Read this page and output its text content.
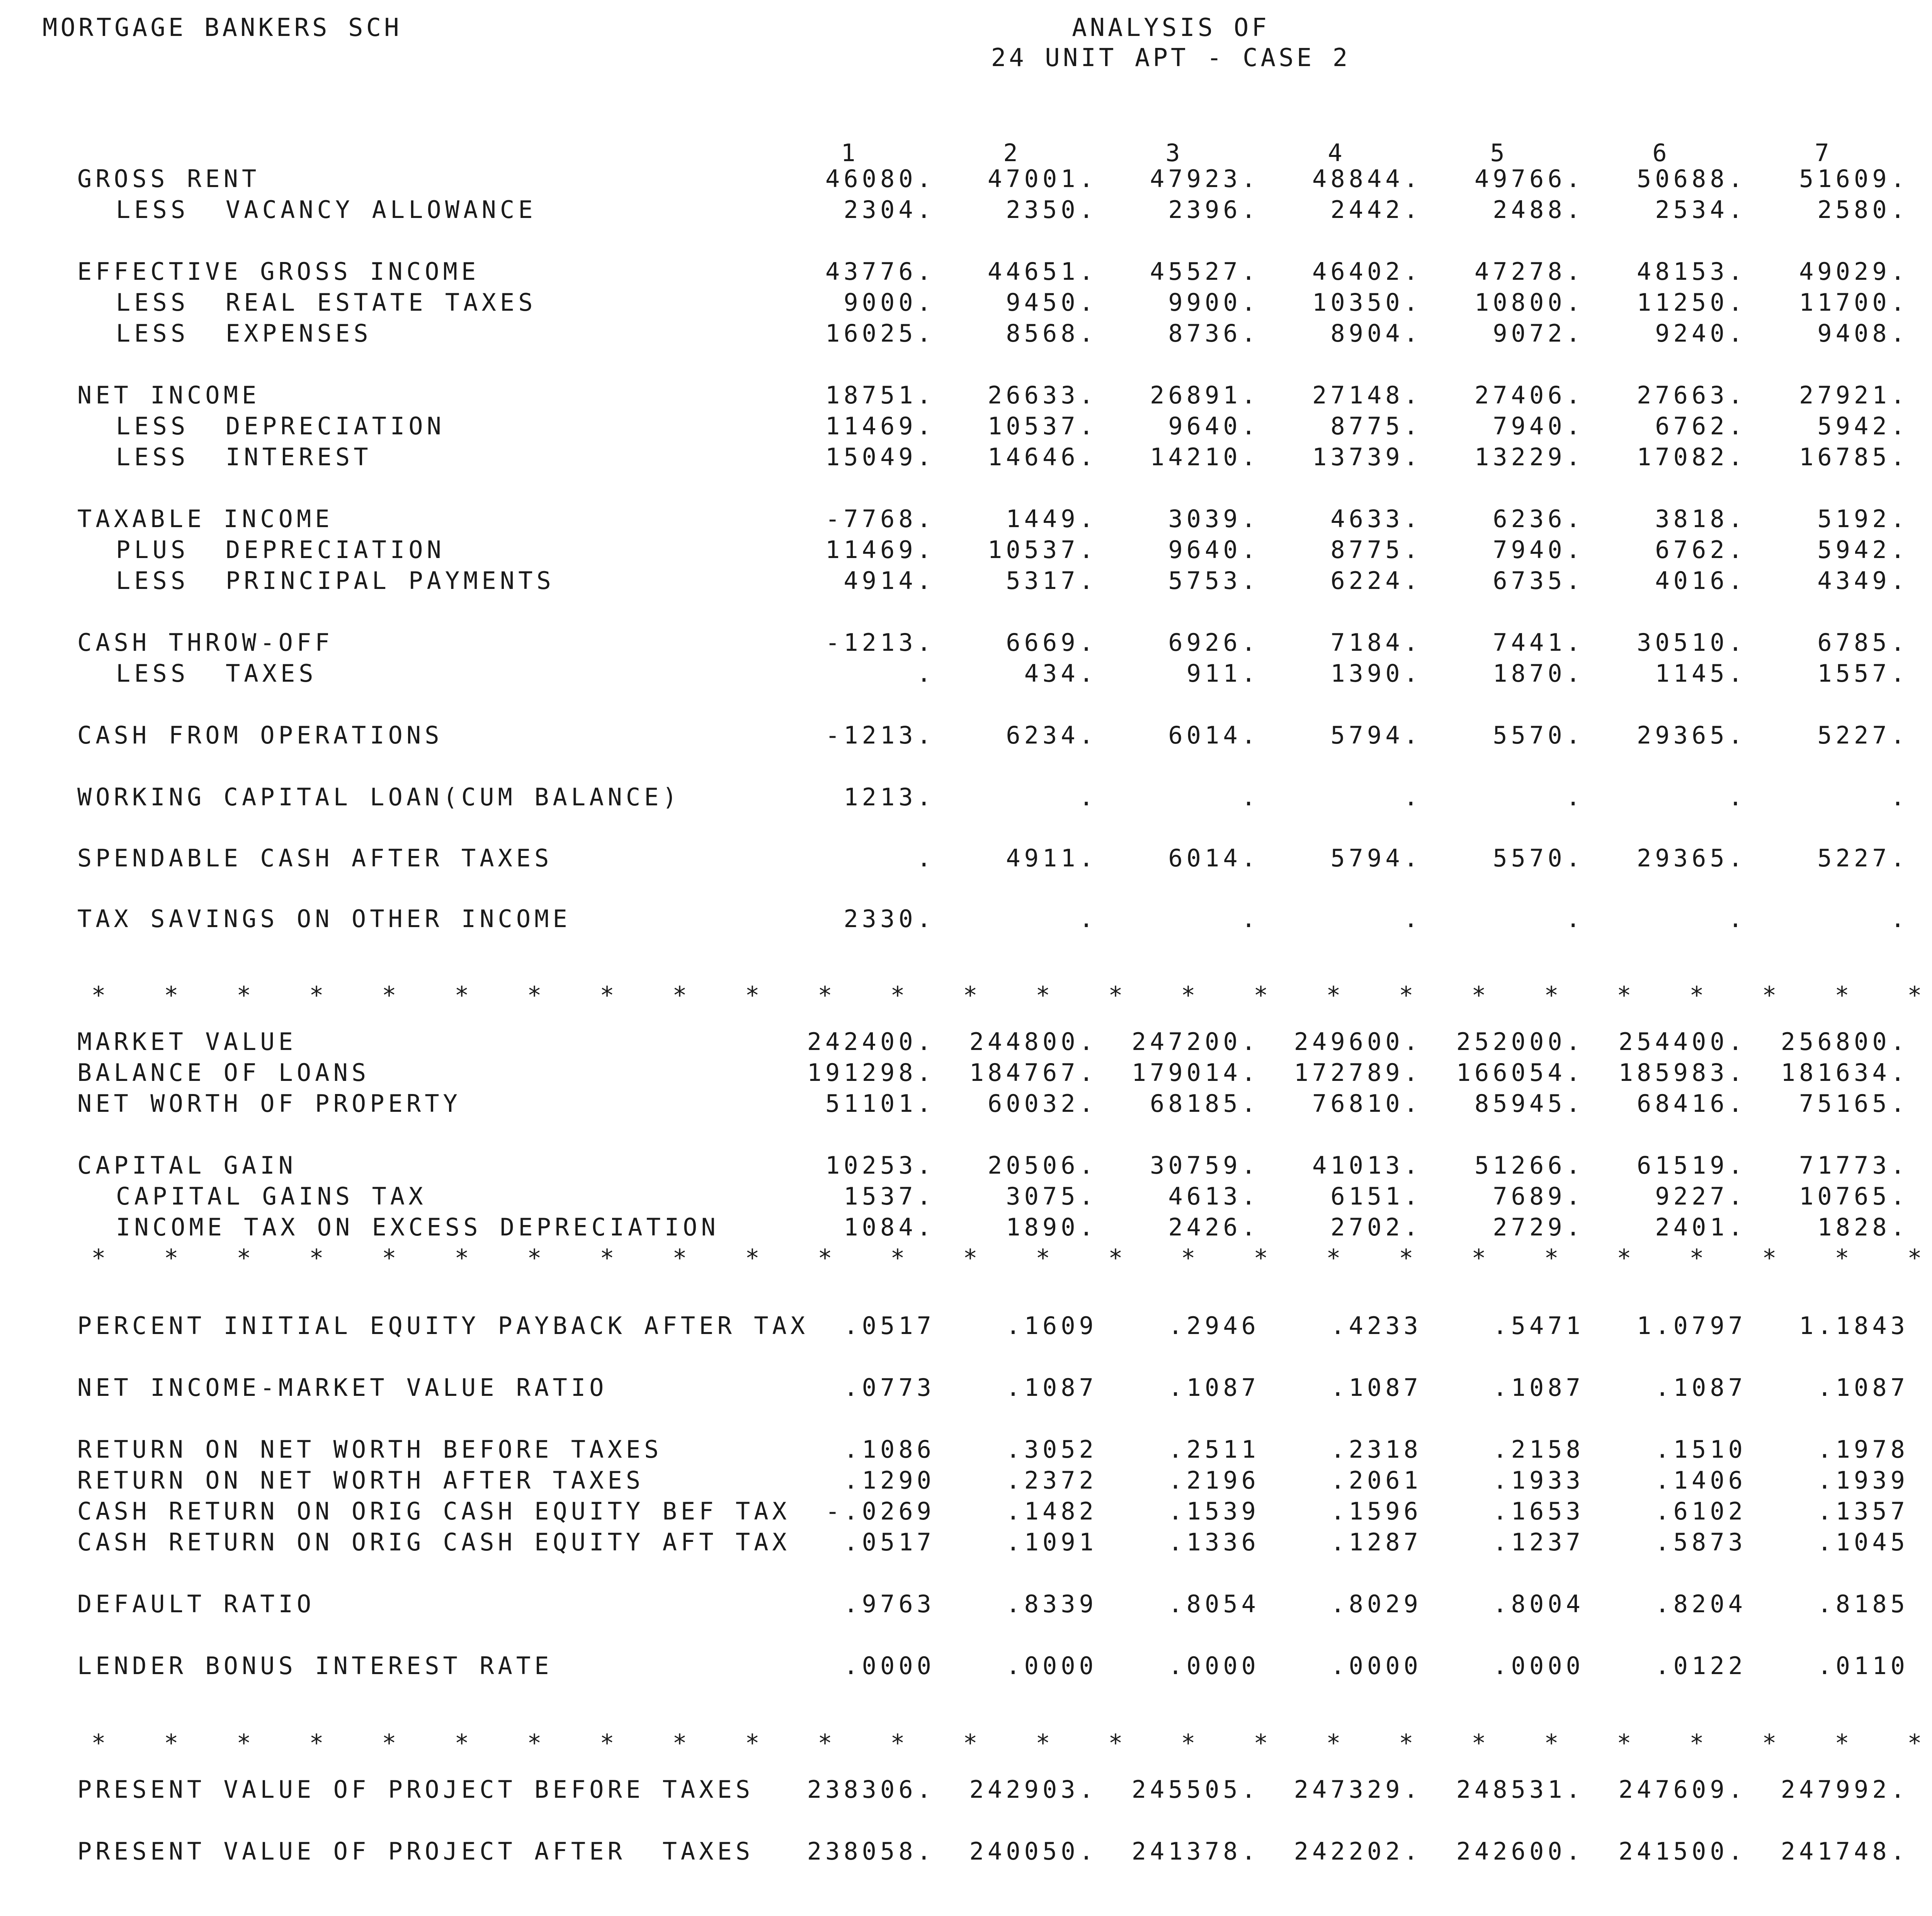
MORTGAGE BANKERS SCH	ANALYSIS OF
24 UNIT APT - CASE 2
1	2	3	4	5	6	7
GROSS RENT	46080.	47001.	47923.	48844.	49766.	50688.	51609.
LESS  VACANCY ALLOWANCE	2304.	2350.	2396.	2442.	2488.	2534.	2580.
EFFECTIVE GROSS INCOME	43776.	44651.	45527.	46402.	47278.	48153.	49029.
LESS  REAL ESTATE TAXES	9000.	9450.	9900.	10350.	10800.	11250.	11700.
LESS  EXPENSES	16025.	8568.	8736.	8904.	9072.	9240.	9408.
NET INCOME	18751.	26633.	26891.	27148.	27406.	27663.	27921.
LESS  DEPRECIATION	11469.	10537.	9640.	8775.	7940.	6762.	5942.
LESS  INTEREST	15049.	14646.	14210.	13739.	13229.	17082.	16785.
TAXABLE INCOME	-7768.	1449.	3039.	4633.	6236.	3818.	5192.
PLUS  DEPRECIATION	11469.	10537.	9640.	8775.	7940.	6762.	5942.
LESS  PRINCIPAL PAYMENTS	4914.	5317.	5753.	6224.	6735.	4016.	4349.
CASH THROW-OFF	-1213.	6669.	6926.	7184.	7441.	30510.	6785.
LESS  TAXES	.	434.	911.	1390.	1870.	1145.	1557.
CASH FROM OPERATIONS	-1213.	6234.	6014.	5794.	5570.	29365.	5227.
WORKING CAPITAL LOAN(CUM BALANCE)	1213.	.	.	.	.	.	.
SPENDABLE CASH AFTER TAXES	.	4911.	6014.	5794.	5570.	29365.	5227.
TAX SAVINGS ON OTHER INCOME	2330.	.	.	.	.	.	.
MARKET VALUE	242400.	244800.	247200.	249600.	252000.	254400.	256800.
BALANCE OF LOANS	191298.	184767.	179014.	172789.	166054.	185983.	181634.
NET WORTH OF PROPERTY	51101.	60032.	68185.	76810.	85945.	68416.	75165.
CAPITAL GAIN	10253.	20506.	30759.	41013.	51266.	61519.	71773.
CAPITAL GAINS TAX	1537.	3075.	4613.	6151.	7689.	9227.	10765.
INCOME TAX ON EXCESS DEPRECIATION	1084.	1890.	2426.	2702.	2729.	2401.	1828.
PERCENT INITIAL EQUITY PAYBACK AFTER TAX	.0517	.1609	.2946	.4233	.5471	1.0797	1.1843
NET INCOME-MARKET VALUE RATIO	.0773	.1087	.1087	.1087	.1087	.1087	.1087
RETURN ON NET WORTH BEFORE TAXES	.1086	.3052	.2511	.2318	.2158	.1510	.1978
RETURN ON NET WORTH AFTER TAXES	.1290	.2372	.2196	.2061	.1933	.1406	.1939
CASH RETURN ON ORIG CASH EQUITY BEF TAX	-.0269	.1482	.1539	.1596	.1653	.6102	.1357
CASH RETURN ON ORIG CASH EQUITY AFT TAX	.0517	.1091	.1336	.1287	.1237	.5873	.1045
DEFAULT RATIO	.9763	.8339	.8054	.8029	.8004	.8204	.8185
LENDER BONUS INTEREST RATE	.0000	.0000	.0000	.0000	.0000	.0122	.0110
PRESENT VALUE OF PROJECT BEFORE TAXES	238306.	242903.	245505.	247329.	248531.	247609.	247992.
PRESENT VALUE OF PROJECT AFTER  TAXES	238058.	240050.	241378.	242202.	242600.	241500.	241748.
* * * * * * * * * * * * * * * * * * * * * * * * * *
* * * * * * * * * * * * * * * * * * * * * * * * * *
* * * * * * * * * * * * * * * * * * * * * * * * * *
